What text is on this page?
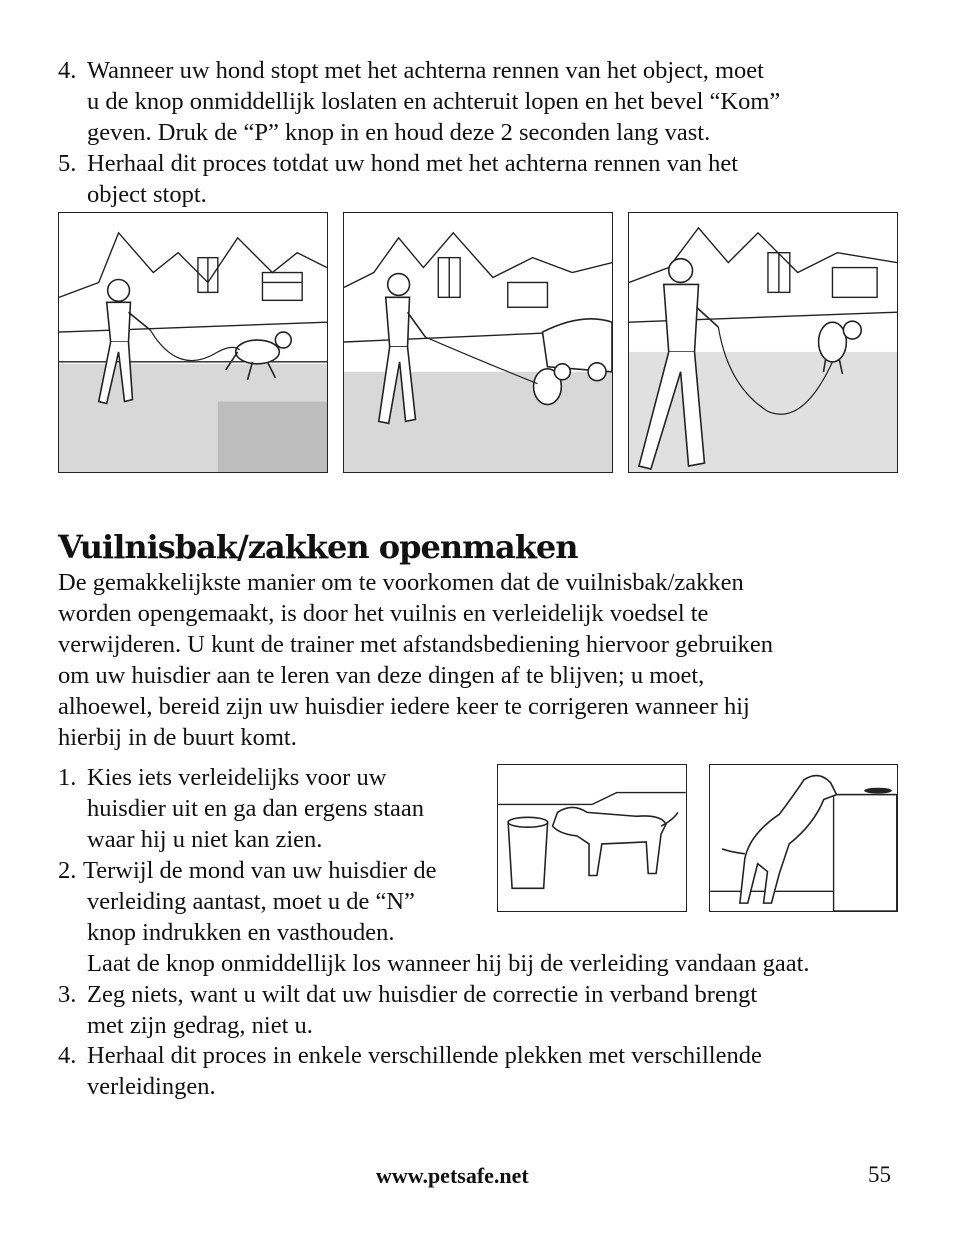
4. Wanneer uw hond stopt met het achterna rennen van het object, moet
u de knop onmiddellijk loslaten en achteruit lopen en het bevel “Kom”
geven. Druk de “P” knop in en houd deze 2 seconden lang vast.
5. Herhaal dit proces totdat uw hond met het achterna rennen van het
object stopt.
Vuilnisbak/zakken openmaken
De gemakkelijkste manier om te voorkomen dat de vuilnisbak/zakken
worden opengemaakt, is door het vuilnis en verleidelijk voedsel te
verwijderen. U kunt de trainer met afstandsbediening hiervoor gebruiken
om uw huisdier aan te leren van deze dingen af te blijven; u moet,
alhoewel, bereid zijn uw huisdier iedere keer te corrigeren wanneer hij
hierbij in de buurt komt.
1. Kies iets verleidelijks voor uw
huisdier uit en ga dan ergens staan
waar hij u niet kan zien.
2. Terwijl de mond van uw huisdier de
verleiding aantast, moet u de “N”
knop indrukken en vasthouden.
Laat de knop onmiddellijk los wanneer hij bij de verleiding vandaan gaat.
3. Zeg niets, want u wilt dat uw huisdier de correctie in verband brengt
met zijn gedrag, niet u.
4. Herhaal dit proces in enkele verschillende plekken met verschillende
verleidingen.
www.petsafe.net	55
